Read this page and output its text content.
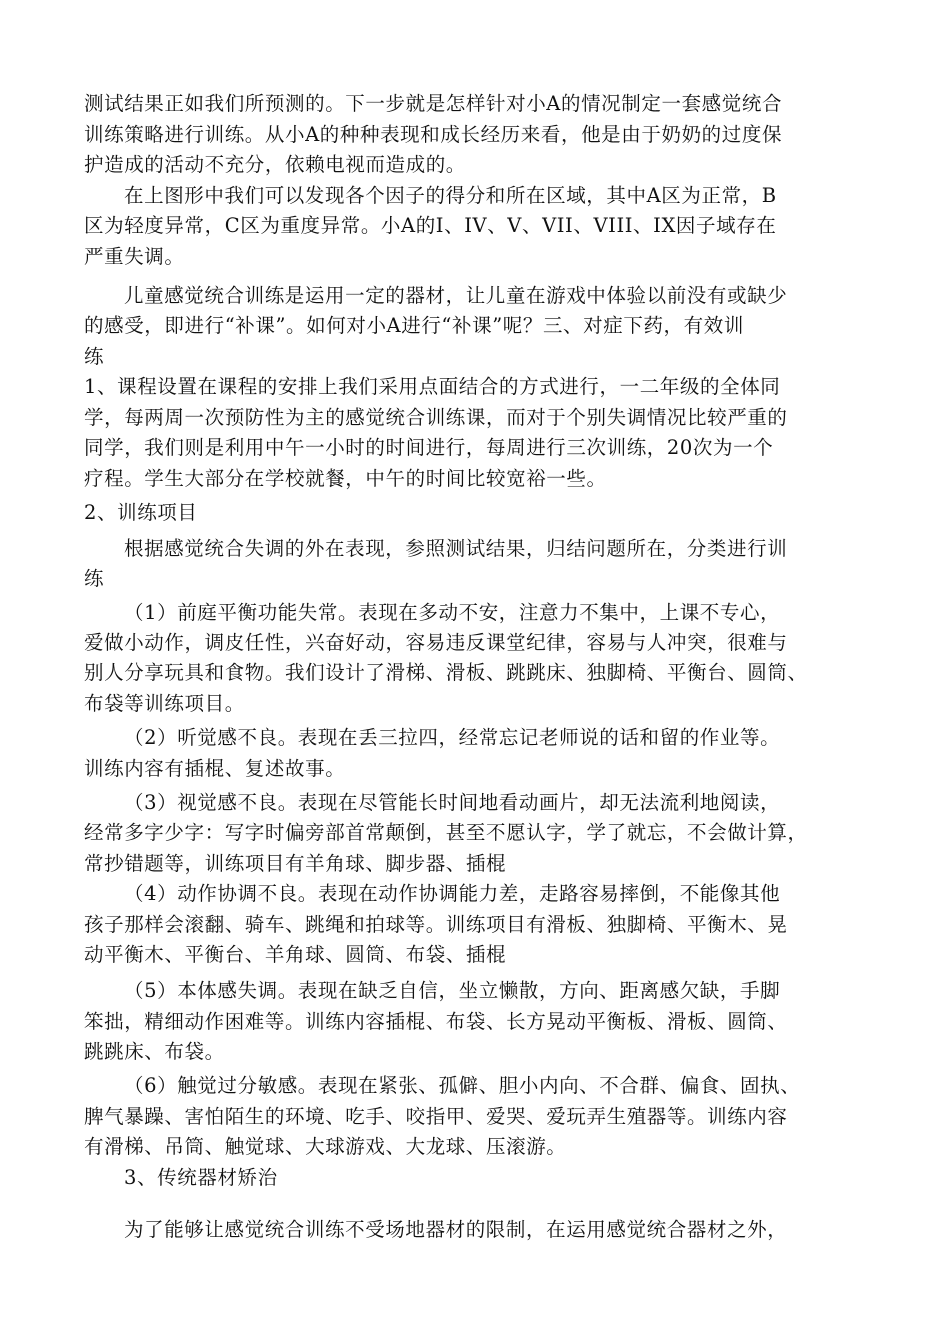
测试结果正如我们所预测的。下一步就是怎样针对小A的情况制定一套感觉统合
训练策略进行训练。从小A的种种表现和成长经历来看，他是由于奶奶的过度保
护造成的活动不充分，依赖电视而造成的。
在上图形中我们可以发现各个因子的得分和所在区域，其中A区为正常，B
区为轻度异常，C区为重度异常。小A的I、IV、V、VII、VIII、IX因子域存在
严重失调。
儿童感觉统合训练是运用一定的器材，让儿童在游戏中体验以前没有或缺少
的感受，即进行“补课”。如何对小A进行“补课”呢？三、对症下药，有效训
练
1、课程设置在课程的安排上我们采用点面结合的方式进行，一二年级的全体同
学，每两周一次预防性为主的感觉统合训练课，而对于个别失调情况比较严重的
同学，我们则是利用中午一小时的时间进行，每周进行三次训练，20次为一个
疗程。学生大部分在学校就餐，中午的时间比较宽裕一些。
2、训练项目
根据感觉统合失调的外在表现，参照测试结果，归结问题所在，分类进行训
练
（1）前庭平衡功能失常。表现在多动不安，注意力不集中，上课不专心，
爱做小动作，调皮任性，兴奋好动，容易违反课堂纪律，容易与人冲突，很难与
别人分享玩具和食物。我们设计了滑梯、滑板、跳跳床、独脚椅、平衡台、圆筒、
布袋等训练项目。
（2）听觉感不良。表现在丢三拉四，经常忘记老师说的话和留的作业等。
训练内容有插棍、复述故事。
（3）视觉感不良。表现在尽管能长时间地看动画片，却无法流利地阅读，
经常多字少字：写字时偏旁部首常颠倒，甚至不愿认字，学了就忘，不会做计算，
常抄错题等，训练项目有羊角球、脚步器、插棍
（4）动作协调不良。表现在动作协调能力差，走路容易摔倒，不能像其他
孩子那样会滚翻、骑车、跳绳和拍球等。训练项目有滑板、独脚椅、平衡木、晃
动平衡木、平衡台、羊角球、圆筒、布袋、插棍
（5）本体感失调。表现在缺乏自信，坐立懒散，方向、距离感欠缺，手脚
笨拙，精细动作困难等。训练内容插棍、布袋、长方晃动平衡板、滑板、圆筒、
跳跳床、布袋。
（6）触觉过分敏感。表现在紧张、孤僻、胆小内向、不合群、偏食、固执、
脾气暴躁、害怕陌生的环境、吃手、咬指甲、爱哭、爱玩弄生殖器等。训练内容
有滑梯、吊筒、触觉球、大球游戏、大龙球、压滚游。
3、传统器材矫治
为了能够让感觉统合训练不受场地器材的限制，在运用感觉统合器材之外，
